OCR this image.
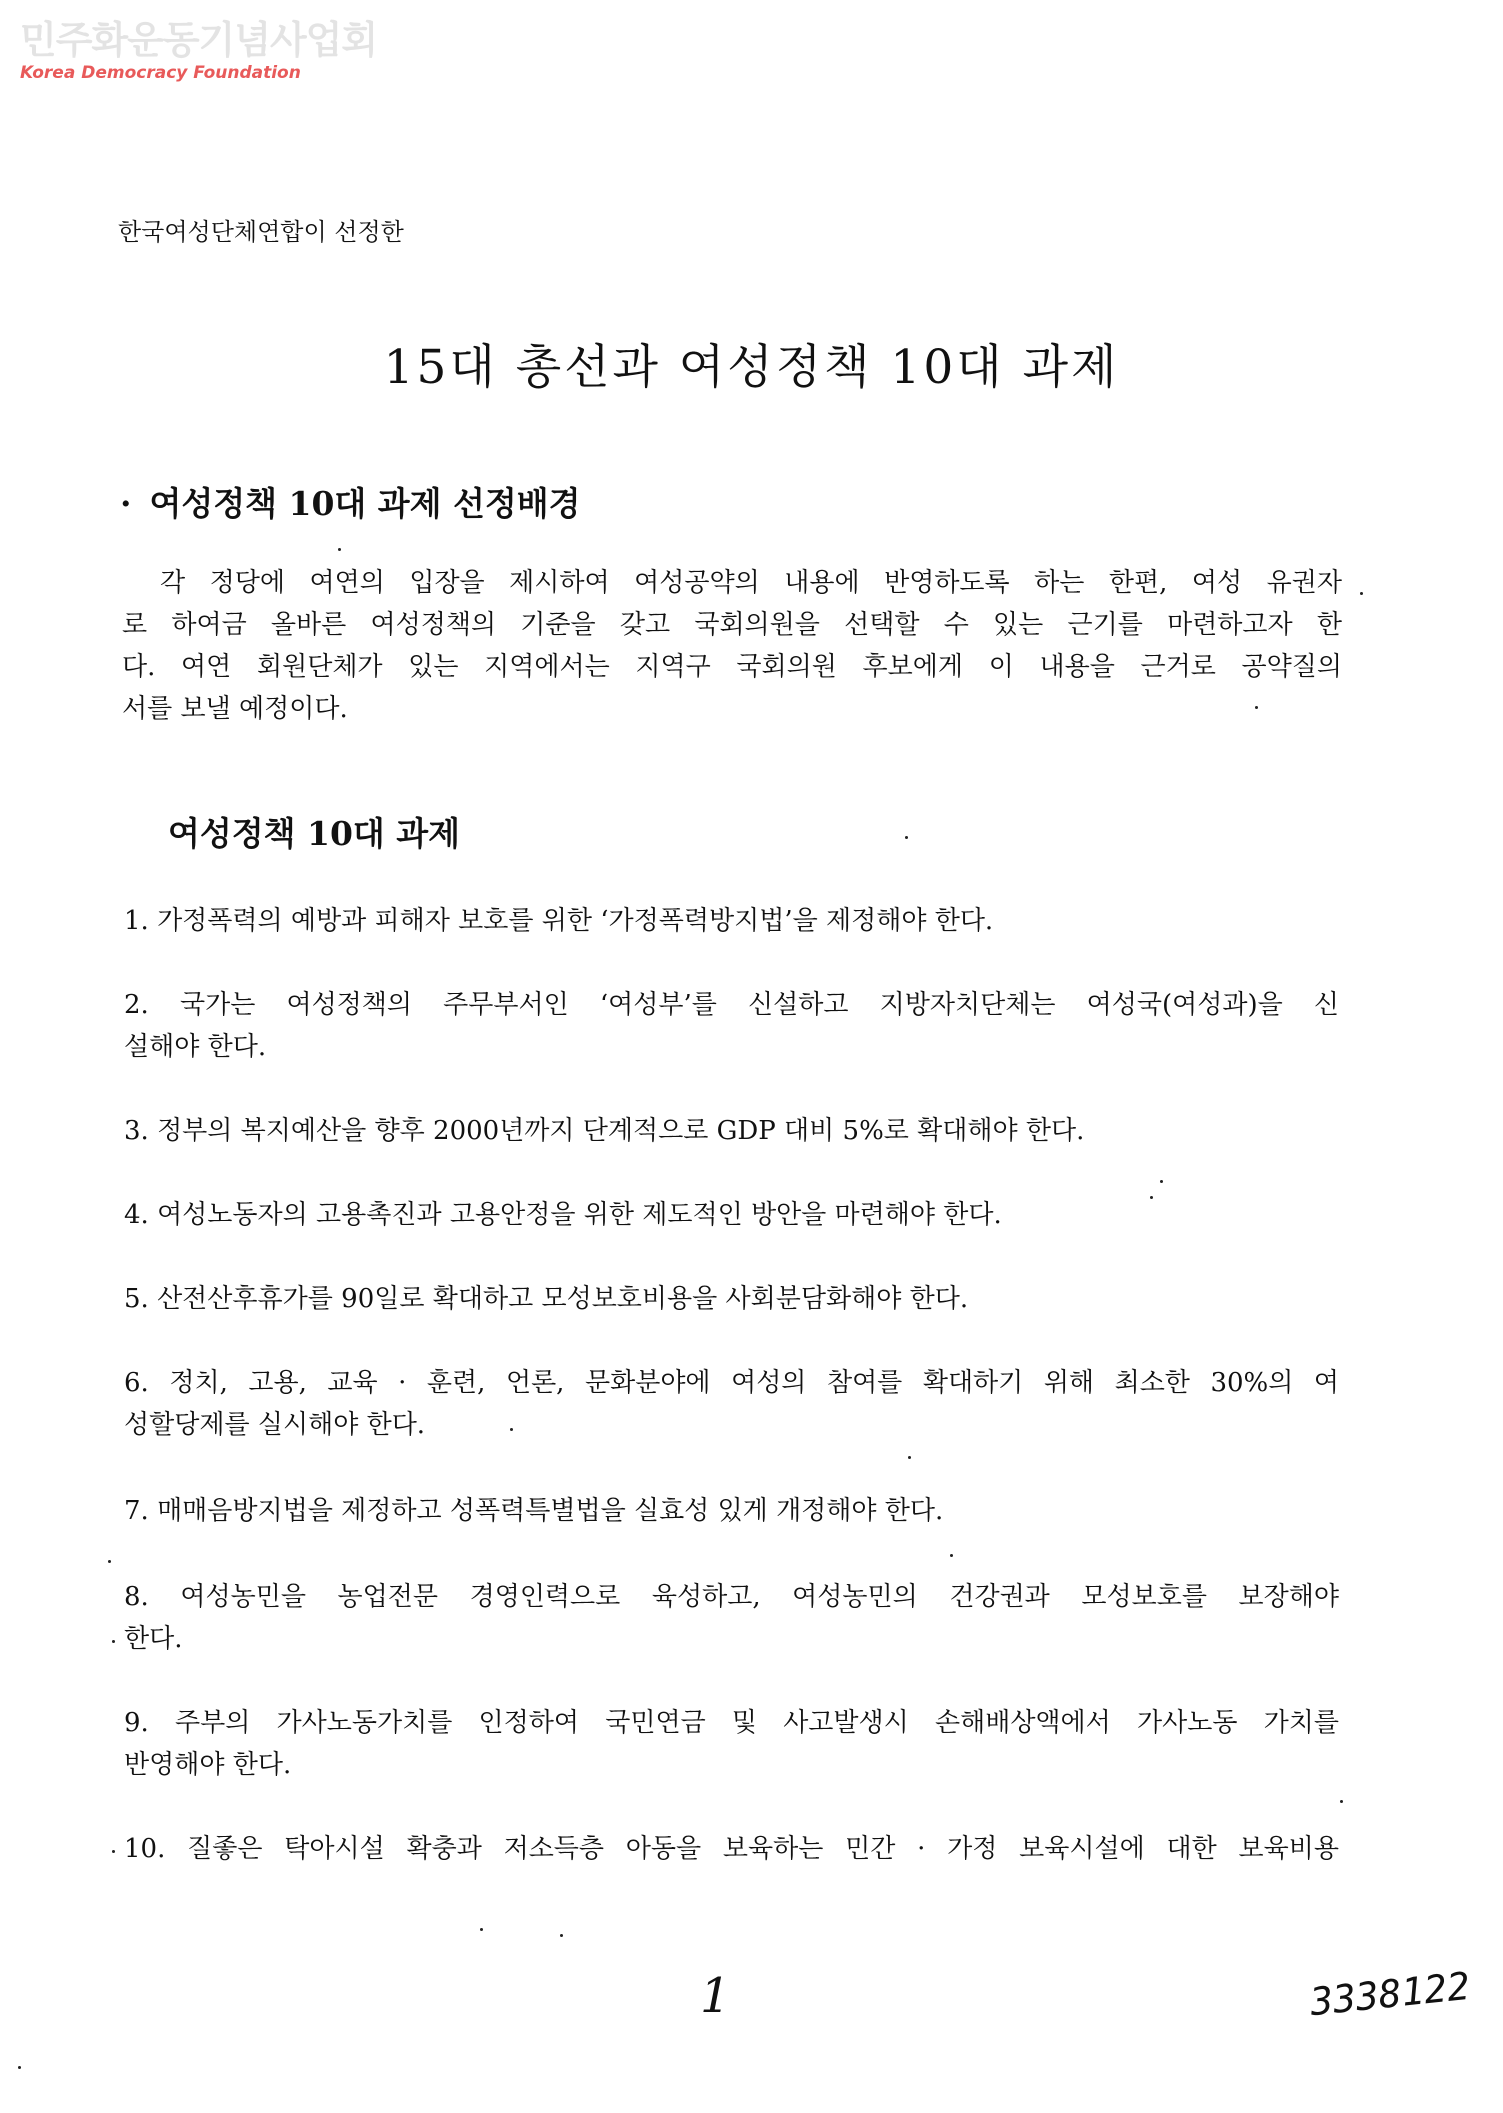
민주화운동기념사업회
Korea Democracy Foundation
한국여성단체연합이 선정한
15대 총선과 여성정책 10대 과제
· 여성정책 10대 과제 선정배경
각 정당에 여연의 입장을 제시하여 여성공약의 내용에 반영하도록 하는 한편, 여성 유권자
로 하여금 올바른 여성정책의 기준을 갖고 국회의원을 선택할 수 있는 근기를 마련하고자 한
다. 여연 회원단체가 있는 지역에서는 지역구 국회의원 후보에게 이 내용을 근거로 공약질의
서를 보낼 예정이다.
여성정책 10대 과제
1. 가정폭력의 예방과 피해자 보호를 위한 ‘가정폭력방지법’을 제정해야 한다.
2. 국가는 여성정책의 주무부서인 ‘여성부’를 신설하고 지방자치단체는 여성국(여성과)을 신
설해야 한다.
3. 정부의 복지예산을 향후 2000년까지 단계적으로 GDP 대비 5%로 확대해야 한다.
4. 여성노동자의 고용촉진과 고용안정을 위한 제도적인 방안을 마련해야 한다.
5. 산전산후휴가를 90일로 확대하고 모성보호비용을 사회분담화해야 한다.
6. 정치, 고용, 교육 · 훈련, 언론, 문화분야에 여성의 참여를 확대하기 위해 최소한 30%의 여
성할당제를 실시해야 한다.
7. 매매음방지법을 제정하고 성폭력특별법을 실효성 있게 개정해야 한다.
8. 여성농민을 농업전문 경영인력으로 육성하고, 여성농민의 건강권과 모성보호를 보장해야
한다.
9. 주부의 가사노동가치를 인정하여 국민연금 및 사고발생시 손해배상액에서 가사노동 가치를
반영해야 한다.
10. 질좋은 탁아시설 확충과 저소득층 아동을 보육하는 민간 · 가정 보육시설에 대한 보육비용
1	3338122
